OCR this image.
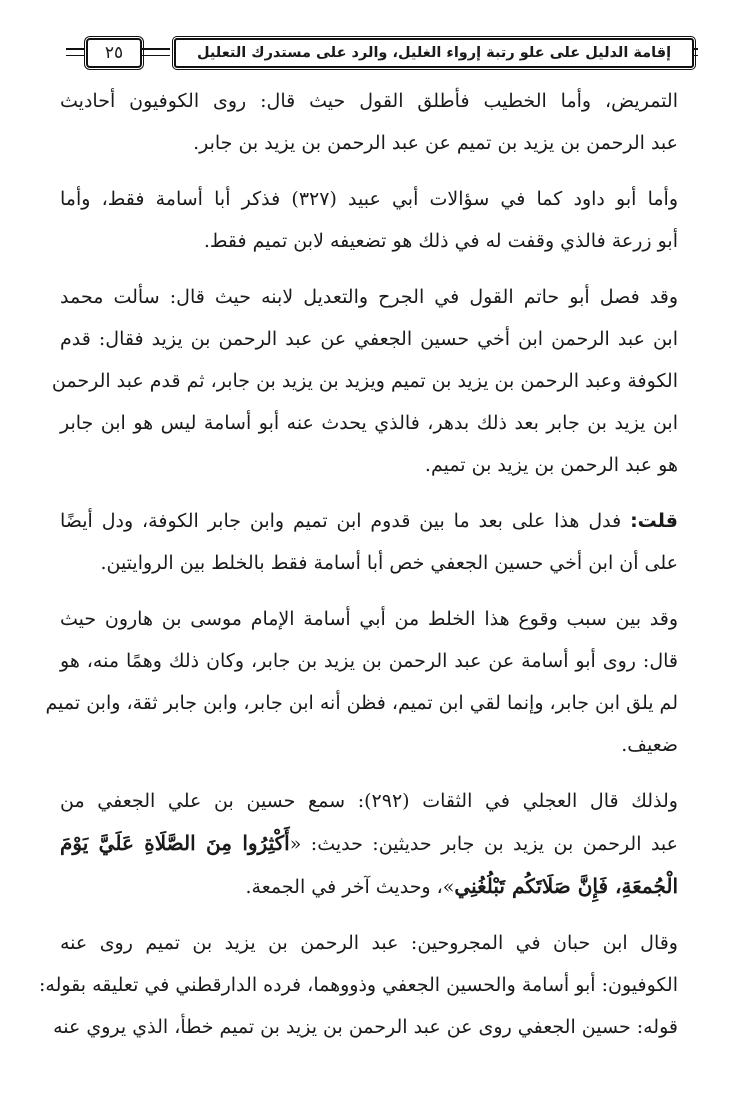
٢٥	إقامة الدليل على علو رتبة إرواء الغليل، والرد على مستدرك التعليل

التمريض، وأما الخطيب فأطلق القول حيث قال: روى الكوفيون أحاديث
عبد الرحمن بن يزيد بن تميم عن عبد الرحمن بن يزيد بن جابر.

وأما أبو داود كما في سؤالات أبي عبيد (٣٢٧) فذكر أبا أسامة فقط، وأما
أبو زرعة فالذي وقفت له في ذلك هو تضعيفه لابن تميم فقط.

وقد فصل أبو حاتم القول في الجرح والتعديل لابنه حيث قال: سألت محمد
ابن عبد الرحمن ابن أخي حسين الجعفي عن عبد الرحمن بن يزيد فقال: قدم
الكوفة وعبد الرحمن بن يزيد بن تميم ويزيد بن يزيد بن جابر، ثم قدم عبد الرحمن
ابن يزيد بن جابر بعد ذلك بدهر، فالذي يحدث عنه أبو أسامة ليس هو ابن جابر
هو عبد الرحمن بن يزيد بن تميم.

قلت: فدل هذا على بعد ما بين قدوم ابن تميم وابن جابر الكوفة، ودل أيضًا
على أن ابن أخي حسين الجعفي خص أبا أسامة فقط بالخلط بين الروايتين.

وقد بين سبب وقوع هذا الخلط من أبي أسامة الإمام موسى بن هارون حيث
قال: روى أبو أسامة عن عبد الرحمن بن يزيد بن جابر، وكان ذلك وهمًا منه، هو
لم يلق ابن جابر، وإنما لقي ابن تميم، فظن أنه ابن جابر، وابن جابر ثقة، وابن تميم
ضعيف.

ولذلك قال العجلي في الثقات (٢٩٢): سمع حسين بن علي الجعفي من
عبد الرحمن بن يزيد بن جابر حديثين: حديث: «أَكْثِرُوا مِنَ الصَّلَاةِ عَلَيَّ يَوْمَ
الْجُمعَةِ، فَإِنَّ صَلَاتَكُم تَبْلُغُنِي»، وحديث آخر في الجمعة.

وقال ابن حبان في المجروحين: عبد الرحمن بن يزيد بن تميم روى عنه
الكوفيون: أبو أسامة والحسين الجعفي وذووهما، فرده الدارقطني في تعليقه بقوله:
قوله: حسين الجعفي روى عن عبد الرحمن بن يزيد بن تميم خطأ، الذي يروي عنه
